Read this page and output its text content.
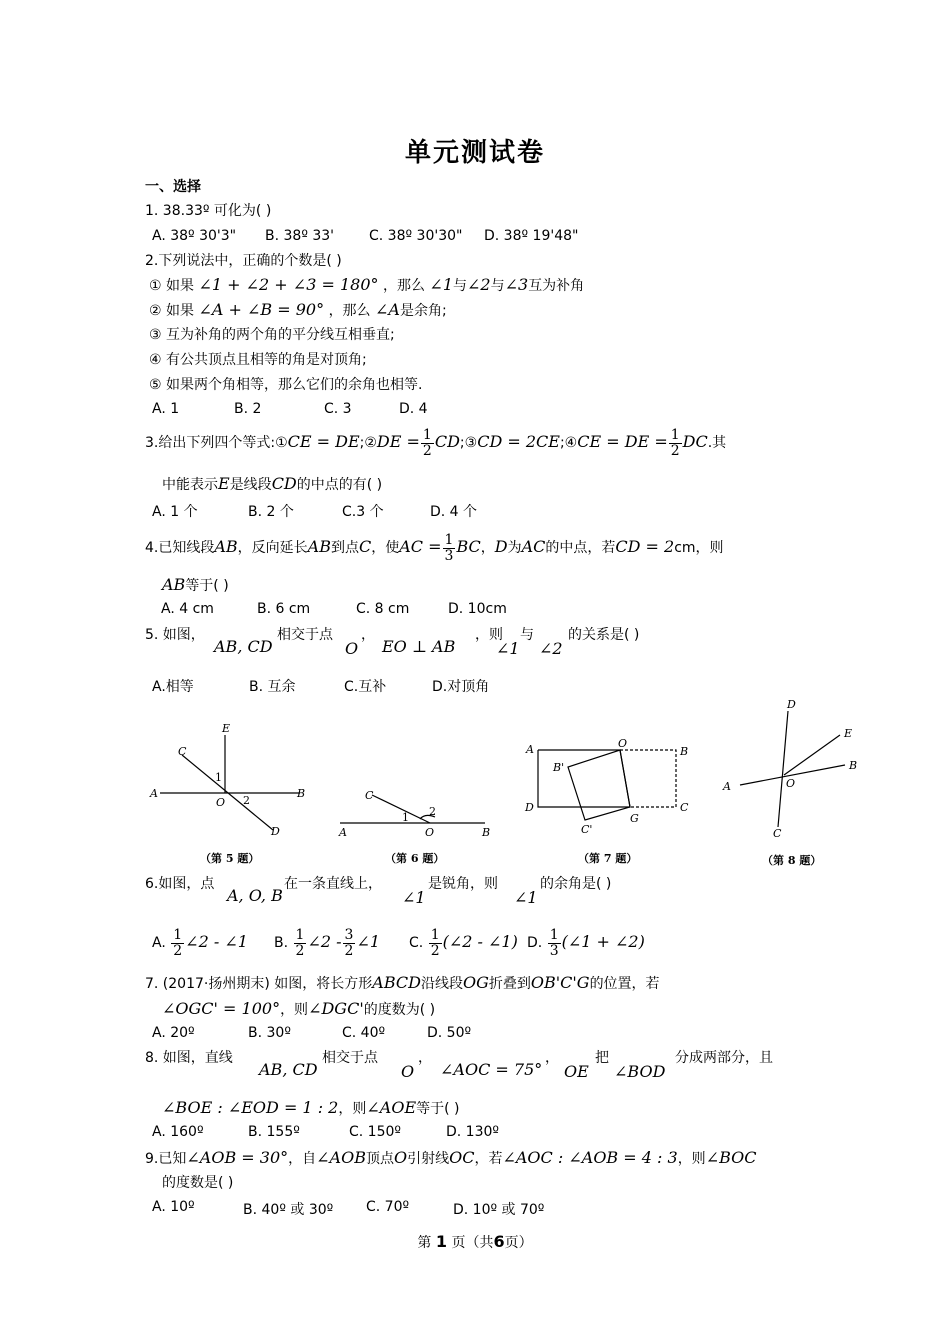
单元测试卷
一、选择
1. 38.33º 可化为( )
A. 38º 30'3" B. 38º 33' C. 38º 30'30" D. 38º 19'48"
2.下列说法中，正确的个数是( )
① 如果 ∠1 + ∠2 + ∠3 = 180° ，那么 ∠1与∠2与∠3互为补角
② 如果 ∠A + ∠B = 90° ，那么 ∠A是余角;
③ 互为补角的两个角的平分线互相垂直;
④ 有公共顶点且相等的角是对顶角;
⑤ 如果两个角相等，那么它们的余角也相等.
A. 1	B. 2	C. 3	D. 4
3.给出下列四个等式:①CE = DE;②DE = $\frac{1}{2}$ CD;③CD = 2CE;④CE = DE = $\frac{1}{2}$ DC.其
中能表示E是线段CD的中点的有( )
A. 1 个	B. 2 个	C.3 个	D. 4 个
4.已知线段AB，反向延长AB到点C，使AC = $\frac{1}{3}$ BC，D为AC的中点，若CD = 2cm，则
AB等于( )
A. 4 cm	B. 6 cm	C. 8 cm	D. 10cm
5. 如图，
AB, CD
相交于点
O
，
EO ⊥ AB
，则
∠1
与
∠2
的关系是( )
A.相等	B. 互余	C.互补	D.对顶角
E
C
1
A
O 2
B
D
（第 5 题）
C
2
1
A	O	B
（第 6 题）
A	O
B
B'
D
G
C
C'
（第 7 题）
D
E
B
A	O
C
（第 8 题）
6.如图，点
A, O, B
在一条直线上，
∠1
是锐角，则
∠1
的余角是( )
A. $\frac{1}{2}$ ∠2 - ∠1 B. $\frac{1}{2}$ ∠2 - $\frac{3}{2}$ ∠1 C. $\frac{1}{2}$ (∠2 - ∠1) D. $\frac{1}{3}$ (∠1 + ∠2)
7. (2017·扬州期末) 如图，将长方形ABCD沿线段OG折叠到OB'C'G的位置，若
∠OGC' = 100°，则∠DGC'的度数为( )
A. 20º	B. 30º	C. 40º	D. 50º
8. 如图，直线
AB, CD
相交于点
O
，
∠AOC = 75°
，
OE
把
∠BOD
分成两部分，且
∠BOE : ∠EOD = 1 : 2，则∠AOE等于( )
A. 160º	B. 155º	C. 150º	D. 130º
9.已知∠AOB = 30°，自∠AOB顶点O引射线OC，若∠AOC : ∠AOB = 4 : 3，则∠BOC
的度数是( )
A. 10º	B. 40º 或 30º C. 70º	D. 10º 或 70º
第 1 页（共6页）
